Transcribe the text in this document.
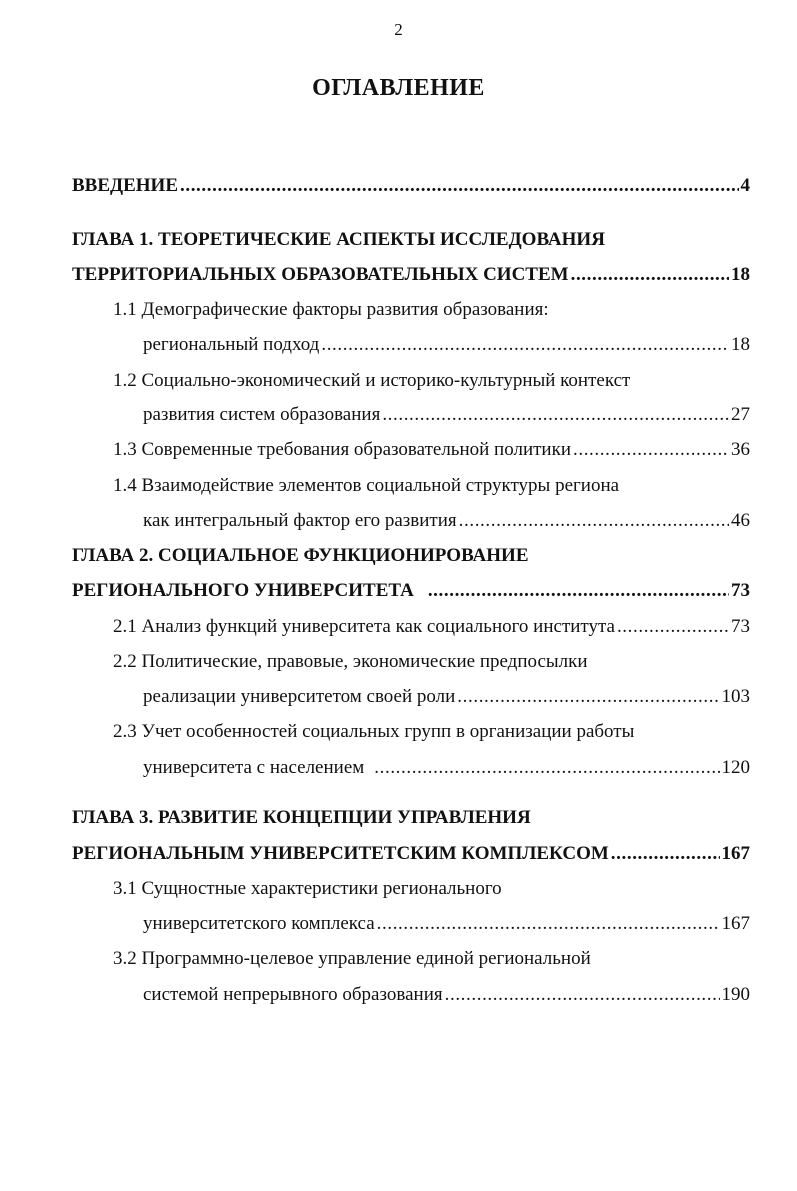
2
ОГЛАВЛЕНИЕ
ВВЕДЕНИЕ .....	4
ГЛАВА 1. ТЕОРЕТИЧЕСКИЕ АСПЕКТЫ ИССЛЕДОВАНИЯ
ТЕРРИТОРИАЛЬНЫХ ОБРАЗОВАТЕЛЬНЫХ СИСТЕМ .....	18
1.1 Демографические факторы развития образования:
региональный подход .....	18
1.2 Социально-экономический и историко-культурный контекст
развития систем образования .....	27
1.3 Современные требования образовательной политики .....	36
1.4 Взаимодействие элементов социальной структуры региона
как интегральный фактор его развития .....	46
ГЛАВА 2. СОЦИАЛЬНОЕ ФУНКЦИОНИРОВАНИЕ
РЕГИОНАЛЬНОГО УНИВЕРСИТЕТА .....	73
2.1 Анализ функций университета как социального института .....	73
2.2 Политические, правовые, экономические предпосылки
реализации университетом своей роли .....	103
2.3 Учет особенностей социальных групп в организации работы
университета с населением .....	120
ГЛАВА 3. РАЗВИТИЕ КОНЦЕПЦИИ УПРАВЛЕНИЯ
РЕГИОНАЛЬНЫМ УНИВЕРСИТЕТСКИМ КОМПЛЕКСОМ .....	167
3.1 Сущностные характеристики регионального
университетского комплекса .....	167
3.2 Программно-целевое управление единой региональной
системой непрерывного образования .....	190
